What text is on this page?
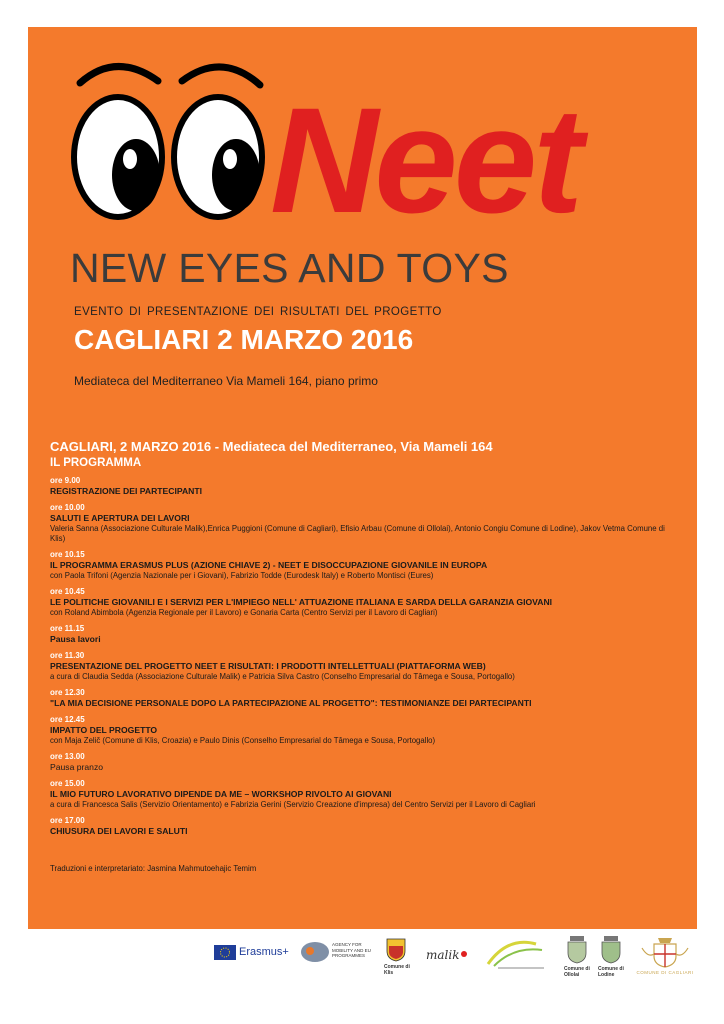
Neet
NEW EYES AND TOYS
EVENTO DI PRESENTAZIONE DEI RISULTATI DEL PROGETTO
CAGLIARI 2 MARZO 2016
Mediateca del Mediterraneo Via Mameli 164, piano primo
CAGLIARI, 2 MARZO 2016 - Mediateca del Mediterraneo, Via Mameli 164
IL PROGRAMMA
ore 9.00
REGISTRAZIONE DEI PARTECIPANTI
ore 10.00
SALUTI E APERTURA DEI LAVORI
Valeria Sanna (Associazione Culturale Malik),Enrica Puggioni (Comune di Cagliari), Efisio Arbau (Comune di Ollolai), Antonio Congiu Comune di Lodine), Jakov Vetma Comune di Klis)
ore 10.15
IL PROGRAMMA ERASMUS PLUS (AZIONE CHIAVE 2) - NEET E DISOCCUPAZIONE GIOVANILE IN EUROPA
con Paola Trifoni (Agenzia Nazionale per i Giovani), Fabrizio Todde (Eurodesk Italy) e Roberto Montisci (Eures)
ore 10.45
LE POLITICHE GIOVANILI E I SERVIZI PER L'IMPIEGO NELL' ATTUAZIONE ITALIANA E SARDA DELLA GARANZIA GIOVANI
con Roland Abimbola (Agenzia Regionale per il Lavoro) e Gonaria Carta (Centro Servizi per il Lavoro di Cagliari)
ore 11.15
Pausa lavori
ore 11.30
PRESENTAZIONE DEL PROGETTO NEET E RISULTATI: I PRODOTTI INTELLETTUALI (PIATTAFORMA WEB)
a cura di Claudia Sedda (Associazione Culturale Malik) e Patricia Silva Castro (Conselho Empresarial do Tâmega e Sousa, Portogallo)
ore 12.30
"LA MIA DECISIONE PERSONALE DOPO LA PARTECIPAZIONE AL PROGETTO": TESTIMONIANZE DEI PARTECIPANTI
ore 12.45
IMPATTO DEL PROGETTO
con Maja Zelič (Comune di Klis, Croazia) e Paulo Dinis (Conselho Empresarial do Tâmega e Sousa, Portogallo)
ore 13.00
Pausa pranzo
ore 15.00
IL MIO FUTURO LAVORATIVO DIPENDE DA ME – WORKSHOP RIVOLTO AI GIOVANI
a cura di Francesca Salis (Servizio Orientamento) e Fabrizia Gerini (Servizio Creazione d'impresa) del Centro Servizi per il Lavoro di Cagliari
ore 17.00
CHIUSURA DEI LAVORI E SALUTI
Traduzioni e interpretariato: Jasmina Mahmutoehajic Temim
Erasmus+
AGENCY FOR MOBILITY AND EU PROGRAMMES
Comune di Klis
malik
Comune di Ollolai
Comune di Lodine	COMUNE DI CAGLIARI
